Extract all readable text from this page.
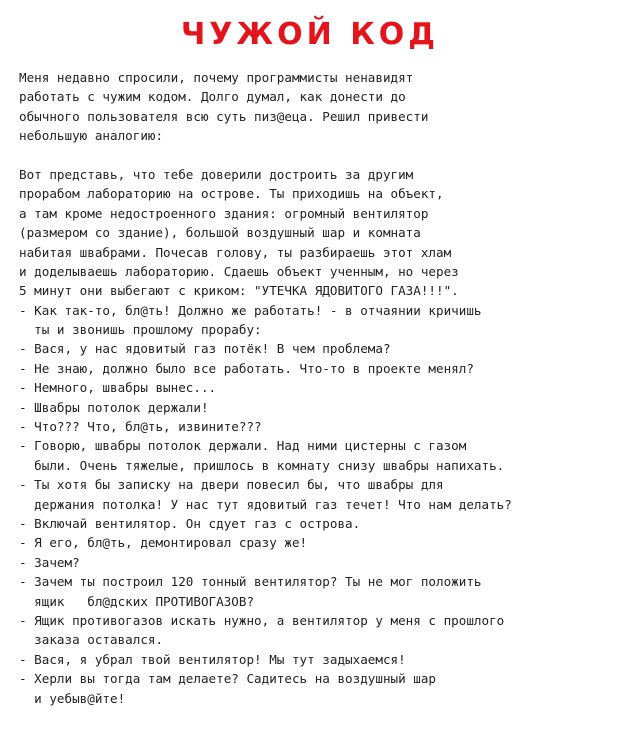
ЧУЖОЙ КОД
Меня недавно спросили, почему программисты ненавидят
работать с чужим кодом. Долго думал, как донести до
обычного пользователя всю суть пиз@еца. Решил привести
небольшую аналогию:
Вот представь, что тебе доверили достроить за другим
прорабом лабораторию на острове. Ты приходишь на объект,
а там кроме недостроенного здания: огромный вентилятор
(размером со здание), большой воздушный шар и комната
набитая швабрами. Почесав голову, ты разбираешь этот хлам
и доделываешь лабораторию. Сдаешь объект ученным, но через
5 минут они выбегают с криком: "УТЕЧКА ЯДОВИТОГО ГАЗА!!!".
- Как так-то, бл@ть! Должно же работать! - в отчаянии кричишь
ты и звонишь прошлому прорабу:
- Вася, у нас ядовитый газ потёк! В чем проблема?
- Не знаю, должно было все работать. Что-то в проекте менял?
- Немного, швабры вынес...
- Швабры потолок держали!
- Что??? Что, бл@ть, извините???
- Говорю, швабры потолок держали. Над ними цистерны с газом
были. Очень тяжелые, пришлось в комнату снизу швабры напихать.
- Ты хотя бы записку на двери повесил бы, что швабры для
держания потолка! У нас тут ядовитый газ течет! Что нам делать?
- Включай вентилятор. Он сдует газ с острова.
- Я его, бл@ть, демонтировал сразу же!
- Зачем?
- Зачем ты построил 120 тонный вентилятор? Ты не мог положить
ящик   бл@дских ПРОТИВОГАЗОВ?
- Ящик противогазов искать нужно, а вентилятор у меня с прошлого
заказа оставался.
- Вася, я убрал твой вентилятор! Мы тут задыхаемся!
- Херли вы тогда там делаете? Садитесь на воздушный шар
и уебыв@йте!
